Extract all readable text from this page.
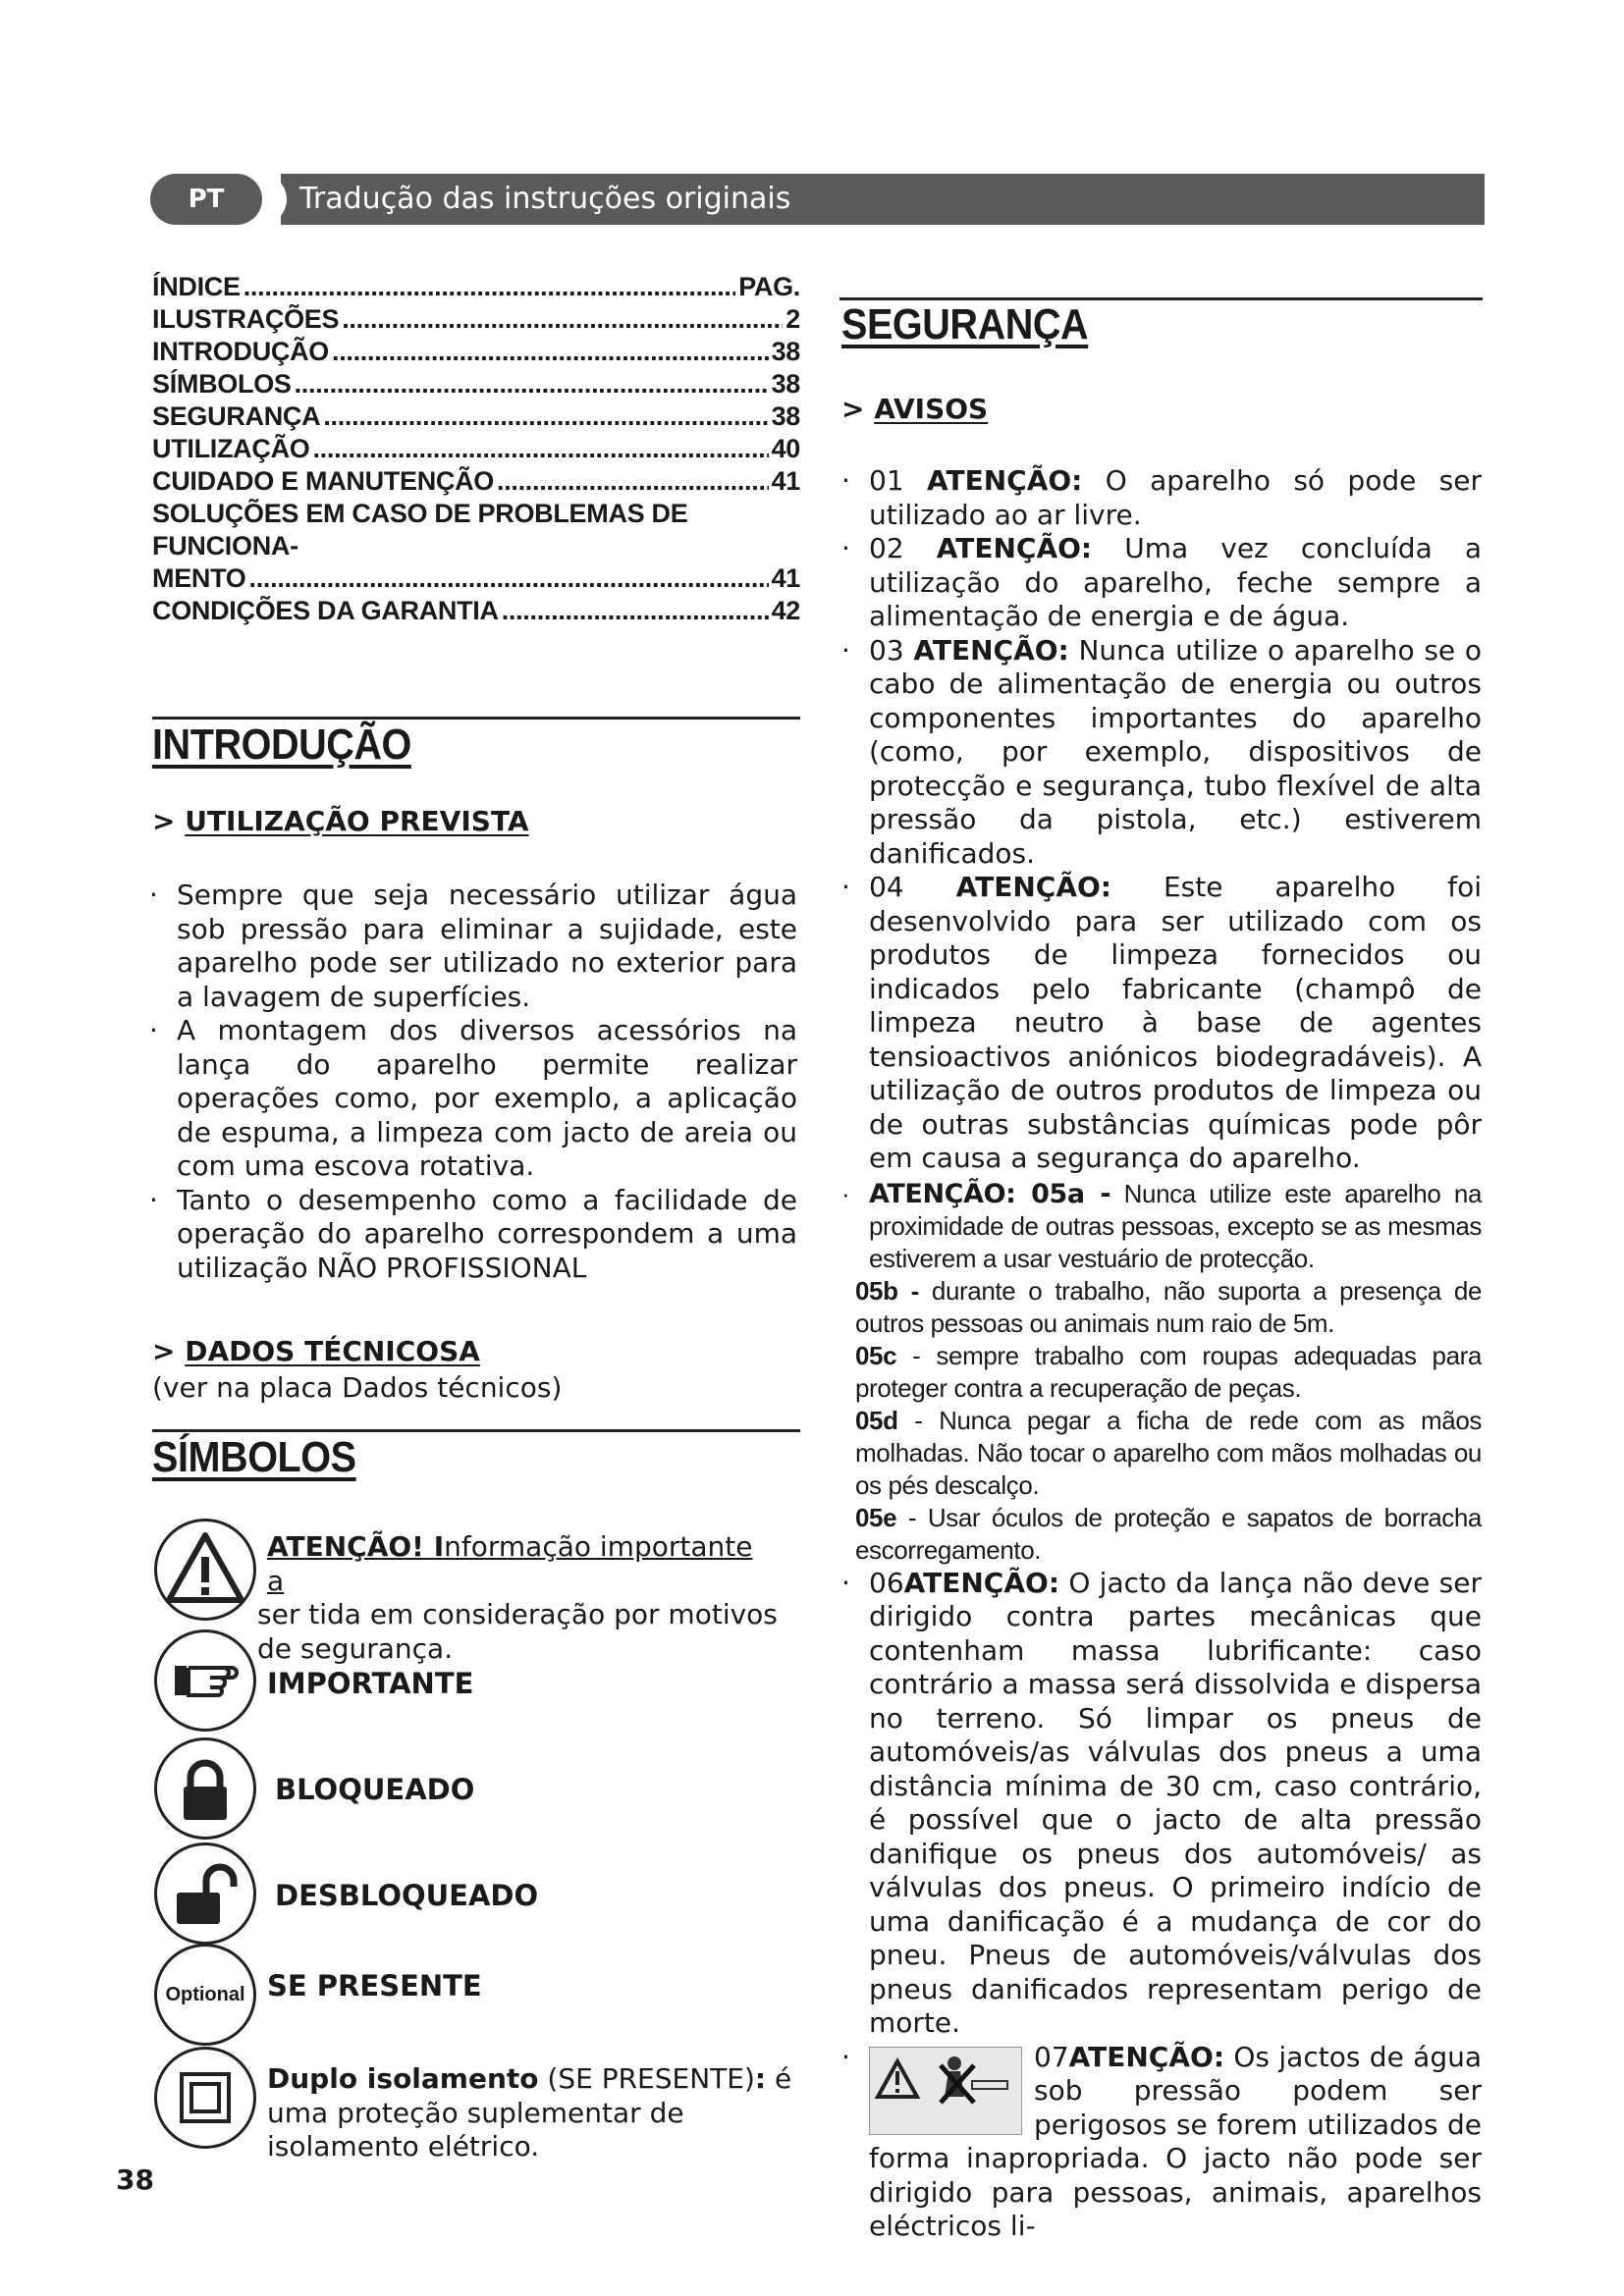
PT	Tradução das instruções originais
ÍNDICE .....	PAG.
ILUSTRAÇÕES .....	2
INTRODUÇÃO .....	38
SÍMBOLOS .....	38
SEGURANÇA .....	38
UTILIZAÇÃO .....	40
CUIDADO E MANUTENÇÃO .....	41
SOLUÇÕES EM CASO DE PROBLEMAS DE FUNCIONA-
MENTO .....	41
CONDIÇÕES DA GARANTIA .....	42
INTRODUÇÃO
> UTILIZAÇÃO PREVISTA
· Sempre que seja necessário utilizar água sob pressão para eliminar a sujidade, este aparelho pode ser utilizado no exterior para a lavagem de superfícies.
· A montagem dos diversos acessórios na lança do aparelho permite realizar operações como, por exemplo, a aplicação de espuma, a limpeza com jacto de areia ou com uma escova rotativa.
· Tanto o desempenho como a facilidade de operação do aparelho correspondem a uma utilização NÃO PROFISSIONAL
> DADOS TÉCNICOSA
(ver na placa Dados técnicos)
SÍMBOLOS
ATENÇÃO! Informação importante a
ser tida em consideração por motivos de segurança.
IMPORTANTE
BLOQUEADO
DESBLOQUEADO
Optional SE PRESENTE
Duplo isolamento (SE PRESENTE): é uma proteção suplementar de isolamento elétrico.
38
SEGURANÇA
> AVISOS
· 01 ATENÇÃO: O aparelho só pode ser utilizado ao ar livre.
· 02 ATENÇÃO: Uma vez concluída a utilização do aparelho, feche sempre a alimentação de energia e de água.
· 03 ATENÇÃO: Nunca utilize o aparelho se o cabo de alimentação de energia ou outros componentes importantes do aparelho (como, por exemplo, dispositivos de protecção e segurança, tubo flexível de alta pressão da pistola, etc.) estiverem danificados.
· 04 ATENÇÃO: Este aparelho foi desenvolvido para ser utilizado com os produtos de limpeza fornecidos ou indicados pelo fabricante (champô de limpeza neutro à base de agentes tensioactivos aniónicos biodegradáveis). A utilização de outros produtos de limpeza ou de outras substâncias químicas pode pôr em causa a segurança do aparelho.
· ATENÇÃO: 05a - Nunca utilize este aparelho na proximidade de outras pessoas, excepto se as mesmas estiverem a usar vestuário de protecção.
05b - durante o trabalho, não suporta a presença de outros pessoas ou animais num raio de 5m.
05c - sempre trabalho com roupas adequadas para proteger contra a recuperação de peças.
05d - Nunca pegar a ficha de rede com as mãos molhadas. Não tocar o aparelho com mãos molhadas ou os pés descalço.
05e - Usar óculos de proteção e sapatos de borracha escorregamento.
· 06ATENÇÃO: O jacto da lança não deve ser dirigido contra partes mecânicas que contenham massa lubrificante: caso contrário a massa será dissolvida e dispersa no terreno. Só limpar os pneus de automóveis/as válvulas dos pneus a uma distância mínima de 30 cm, caso contrário, é possível que o jacto de alta pressão danifique os pneus dos automóveis/ as válvulas dos pneus. O primeiro indício de uma danificação é a mudança de cor do pneu. Pneus de automóveis/válvulas dos pneus danificados representam perigo de morte.
· 07ATENÇÃO: Os jactos de água sob pressão podem ser perigosos se forem utilizados de forma inapropriada. O jacto não pode ser dirigido para pessoas, animais, aparelhos eléctricos li-
